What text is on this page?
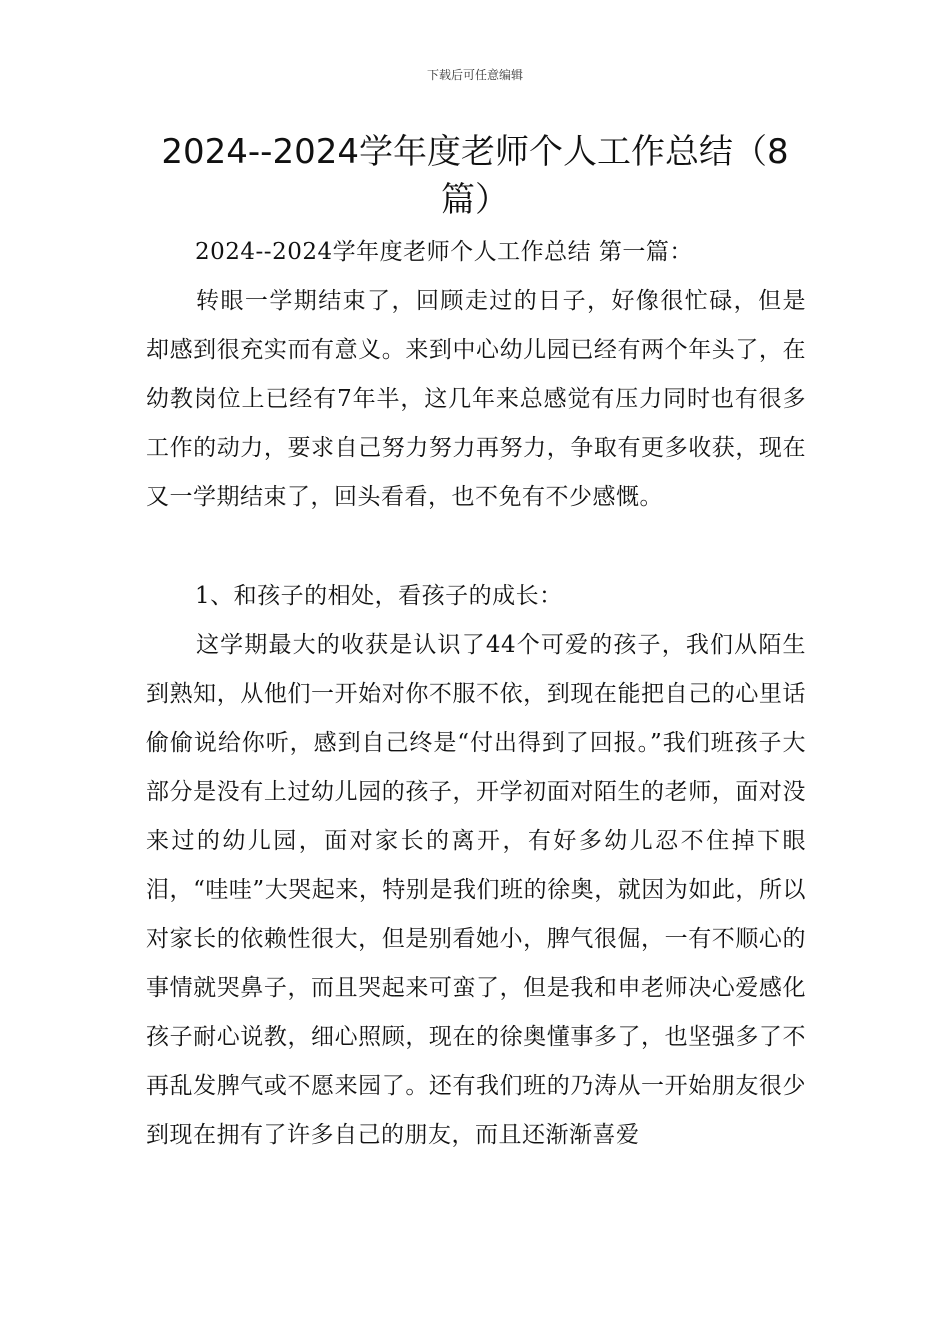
下载后可任意编辑
2024--2024学年度老师个人工作总结（8篇）

2024--2024学年度老师个人工作总结 第一篇：

转眼一学期结束了，回顾走过的日子，好像很忙碌，但是却感到很充实而有意义。来到中心幼儿园已经有两个年头了，在幼教岗位上已经有7年半，这几年来总感觉有压力同时也有很多工作的动力，要求自己努力努力再努力，争取有更多收获，现在又一学期结束了，回头看看，也不免有不少感慨。

1、和孩子的相处，看孩子的成长：

这学期最大的收获是认识了44个可爱的孩子，我们从陌生到熟知，从他们一开始对你不服不依，到现在能把自己的心里话偷偷说给你听，感到自己终是“付出得到了回报。”我们班孩子大部分是没有上过幼儿园的孩子，开学初面对陌生的老师，面对没来过的幼儿园，面对家长的离开，有好多幼儿忍不住掉下眼泪，“哇哇”大哭起来，特别是我们班的徐奥，就因为如此，所以对家长的依赖性很大，但是别看她小，脾气很倔，一有不顺心的事情就哭鼻子，而且哭起来可蛮了，但是我和申老师决心爱感化孩子耐心说教，细心照顾，现在的徐奥懂事多了，也坚强多了不再乱发脾气或不愿来园了。还有我们班的乃涛从一开始朋友很少到现在拥有了许多自己的朋友，而且还渐渐喜爱
